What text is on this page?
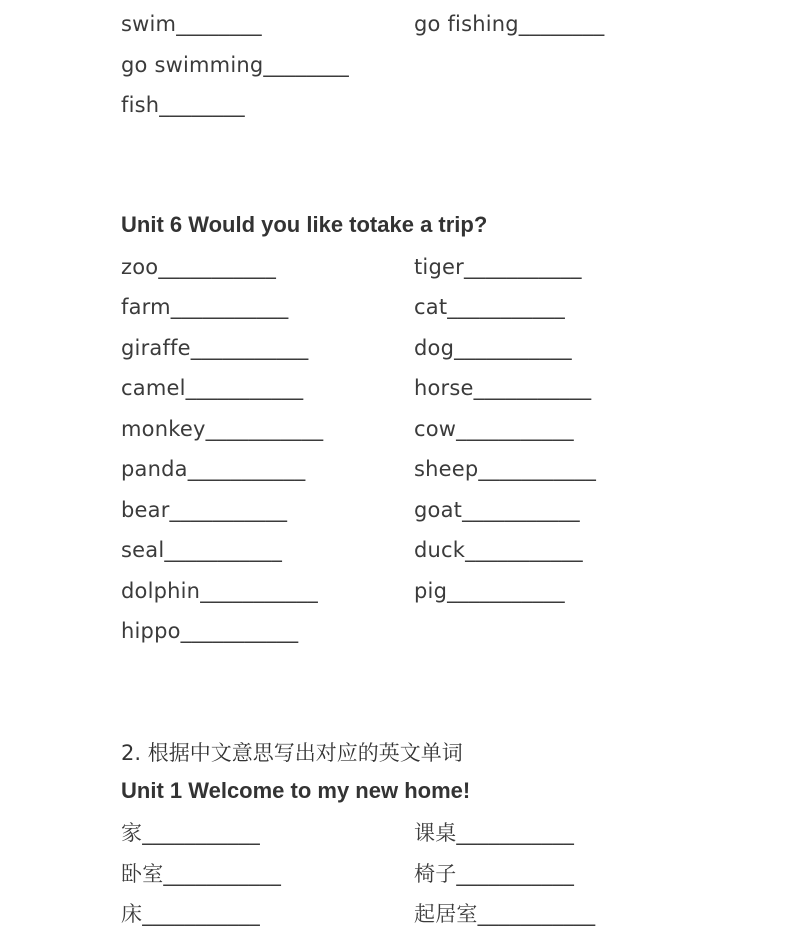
swim________	go fishing________
go swimming________
fish________
Unit 6 Would you like totake a trip?
zoo___________	tiger___________
farm___________	cat___________
giraffe___________	dog___________
camel___________	horse___________
monkey___________	cow___________
panda___________	sheep___________
bear___________	goat___________
seal___________	duck___________
dolphin___________	pig___________
hippo___________
2. 根据中文意思写出对应的英文单词
Unit 1 Welcome to my new home!
家___________	课桌___________
卧室___________	椅子___________
床___________	起居室___________
